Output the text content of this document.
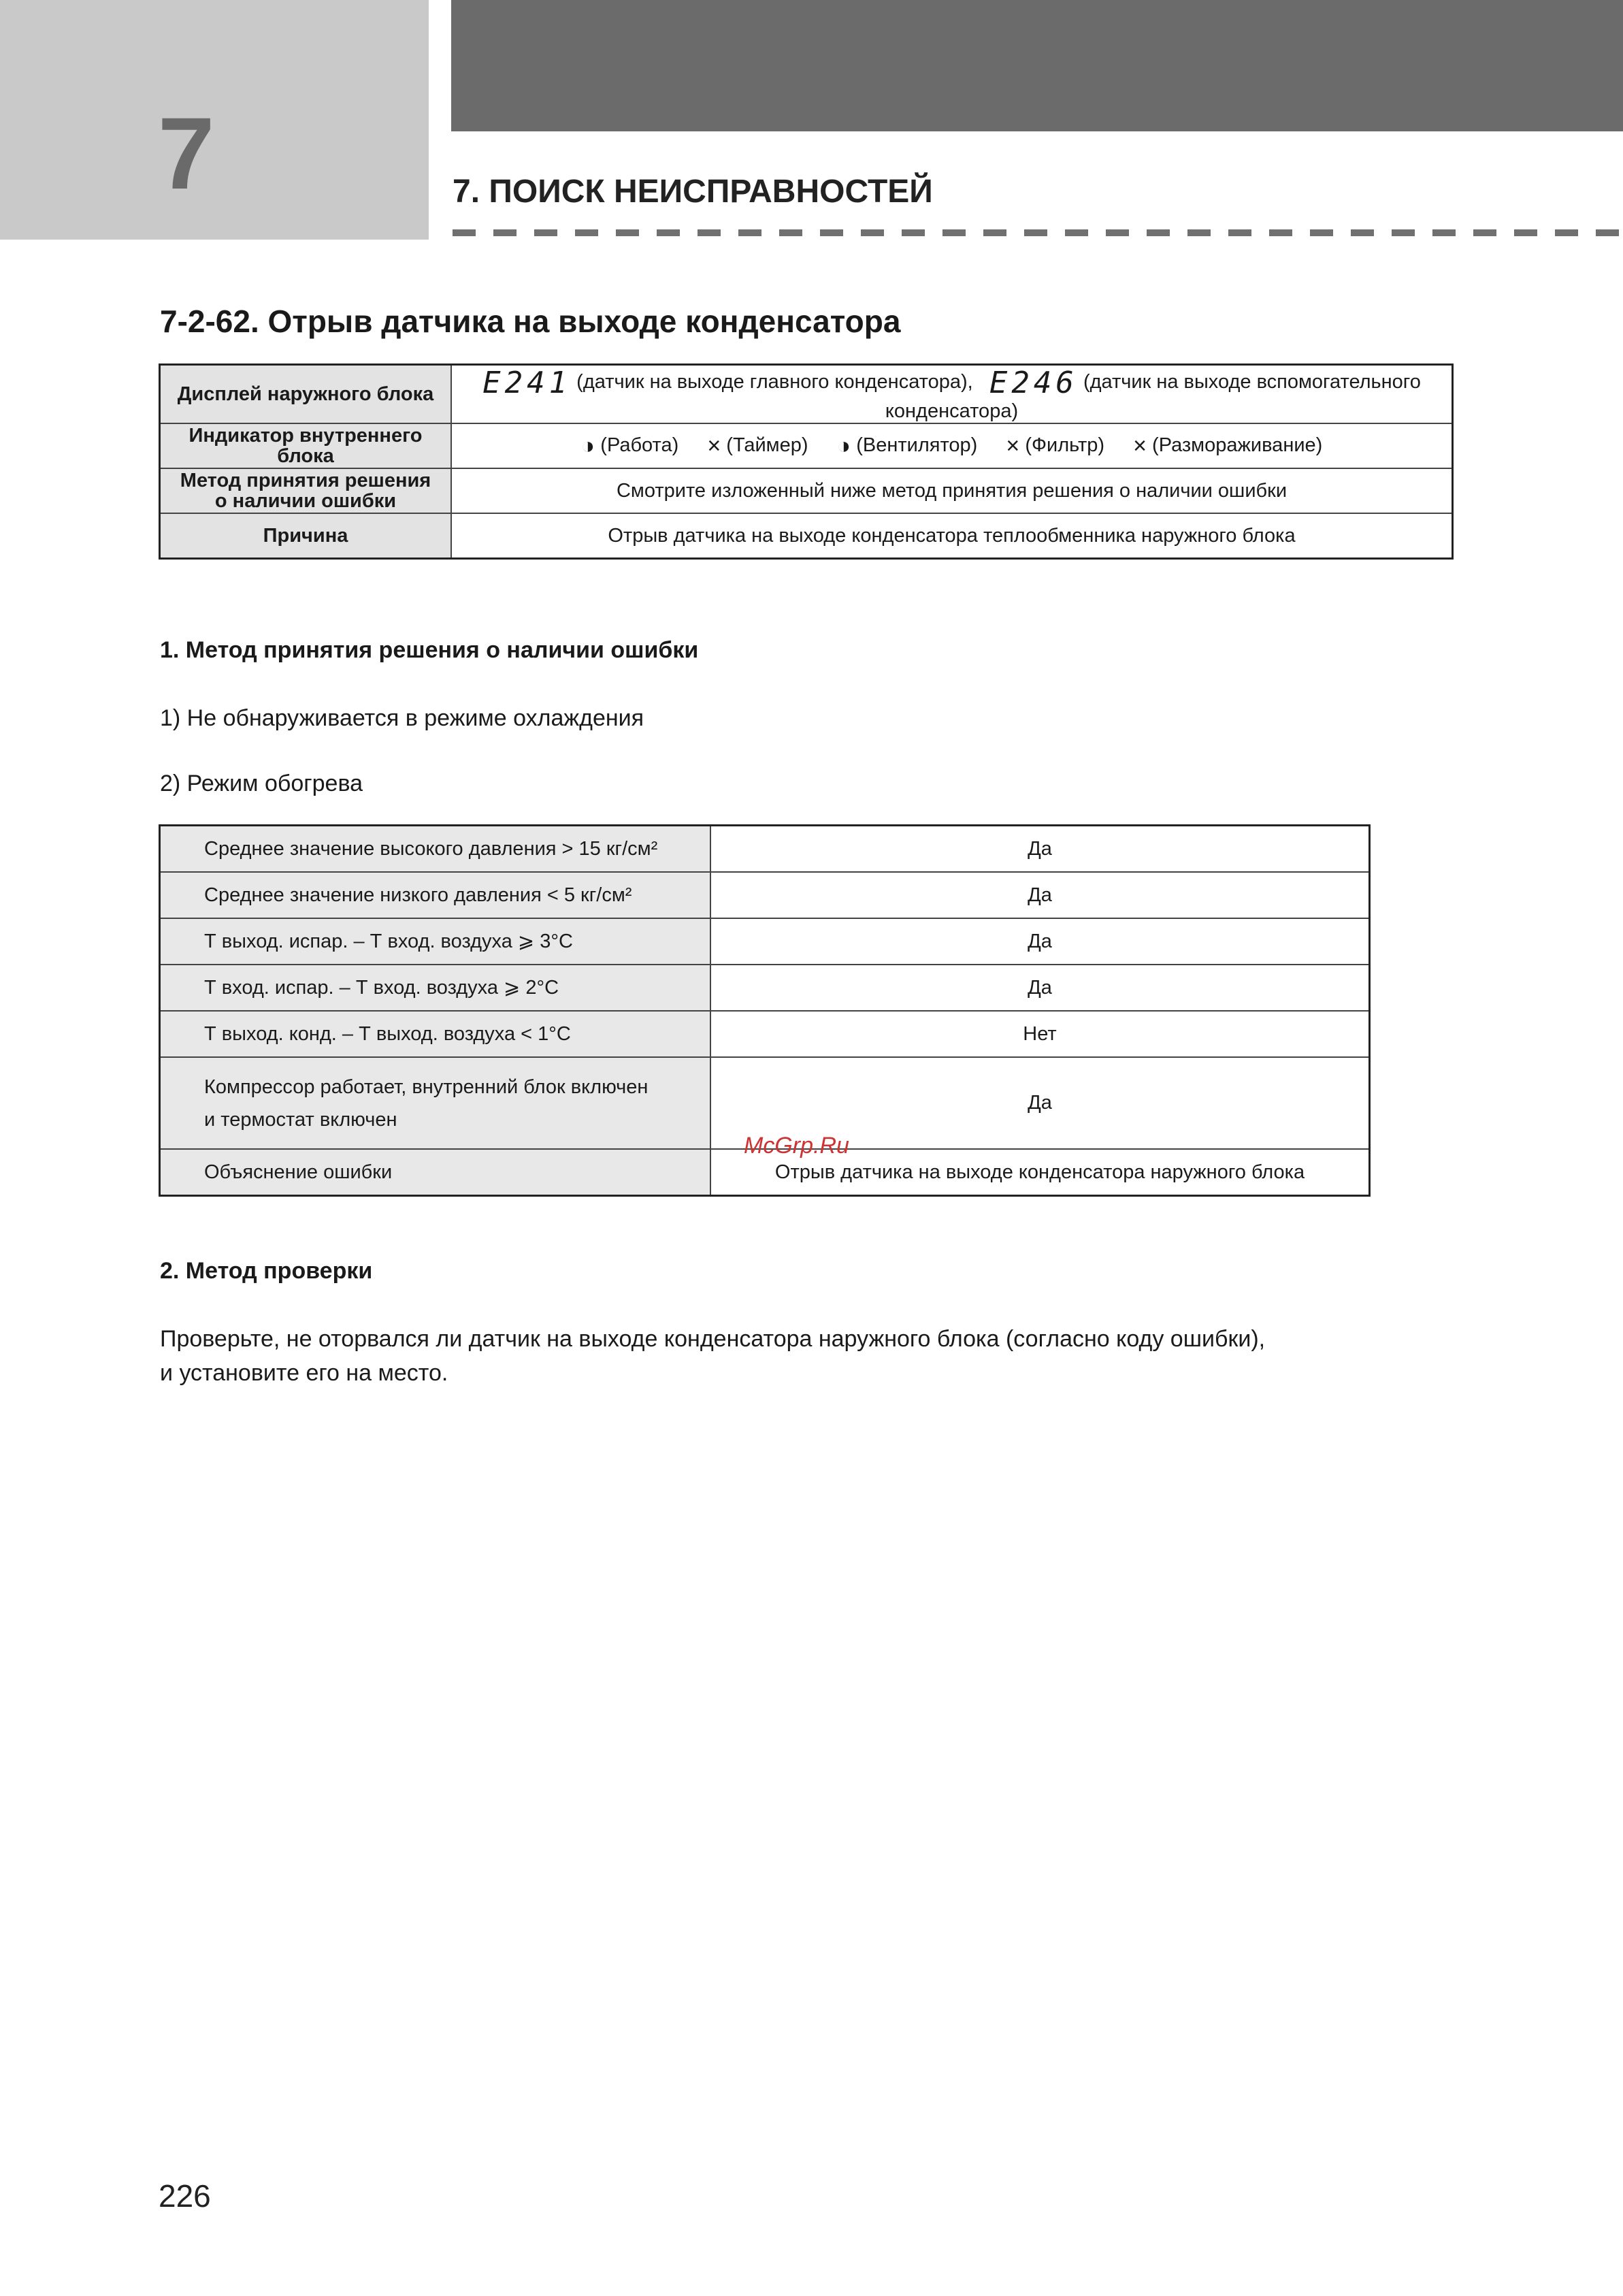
7	7. ПОИСК НЕИСПРАВНОСТЕЙ
7-2-62. Отрыв датчика на выходе конденсатора
Дисплей наружного блока	E241 (датчик на выходе главного конденсатора), E246 (датчик на выходе вспомогательного конденсатора)
Индикатор внутреннего блока	◑ (Работа) × (Таймер) ◑ (Вентилятор) × (Фильтр) × (Размораживание)
Метод принятия решения
о наличии ошибки	Смотрите изложенный ниже метод принятия решения о наличии ошибки
Причина	Отрыв датчика на выходе конденсатора теплообменника наружного блока
1. Метод принятия решения о наличии ошибки
1) Не обнаруживается в режиме охлаждения
2) Режим обогрева
Среднее значение высокого давления > 15 кг/см²	Да
Среднее значение низкого давления < 5 кг/см²	Да
Т выход. испар. – Т вход. воздуха ⩾ 3°C	Да
Т вход. испар. – Т вход. воздуха ⩾ 2°C	Да
Т выход. конд. – Т выход. воздуха < 1°C	Нет
Компрессор работает, внутренний блок включен
и термостат включен	Да
Объяснение ошибки	Отрыв датчика на выходе конденсатора наружного блока
McGrp.Ru
2. Метод проверки
Проверьте, не оторвался ли датчик на выходе конденсатора наружного блока (согласно коду ошибки),
и установите его на место.
226
